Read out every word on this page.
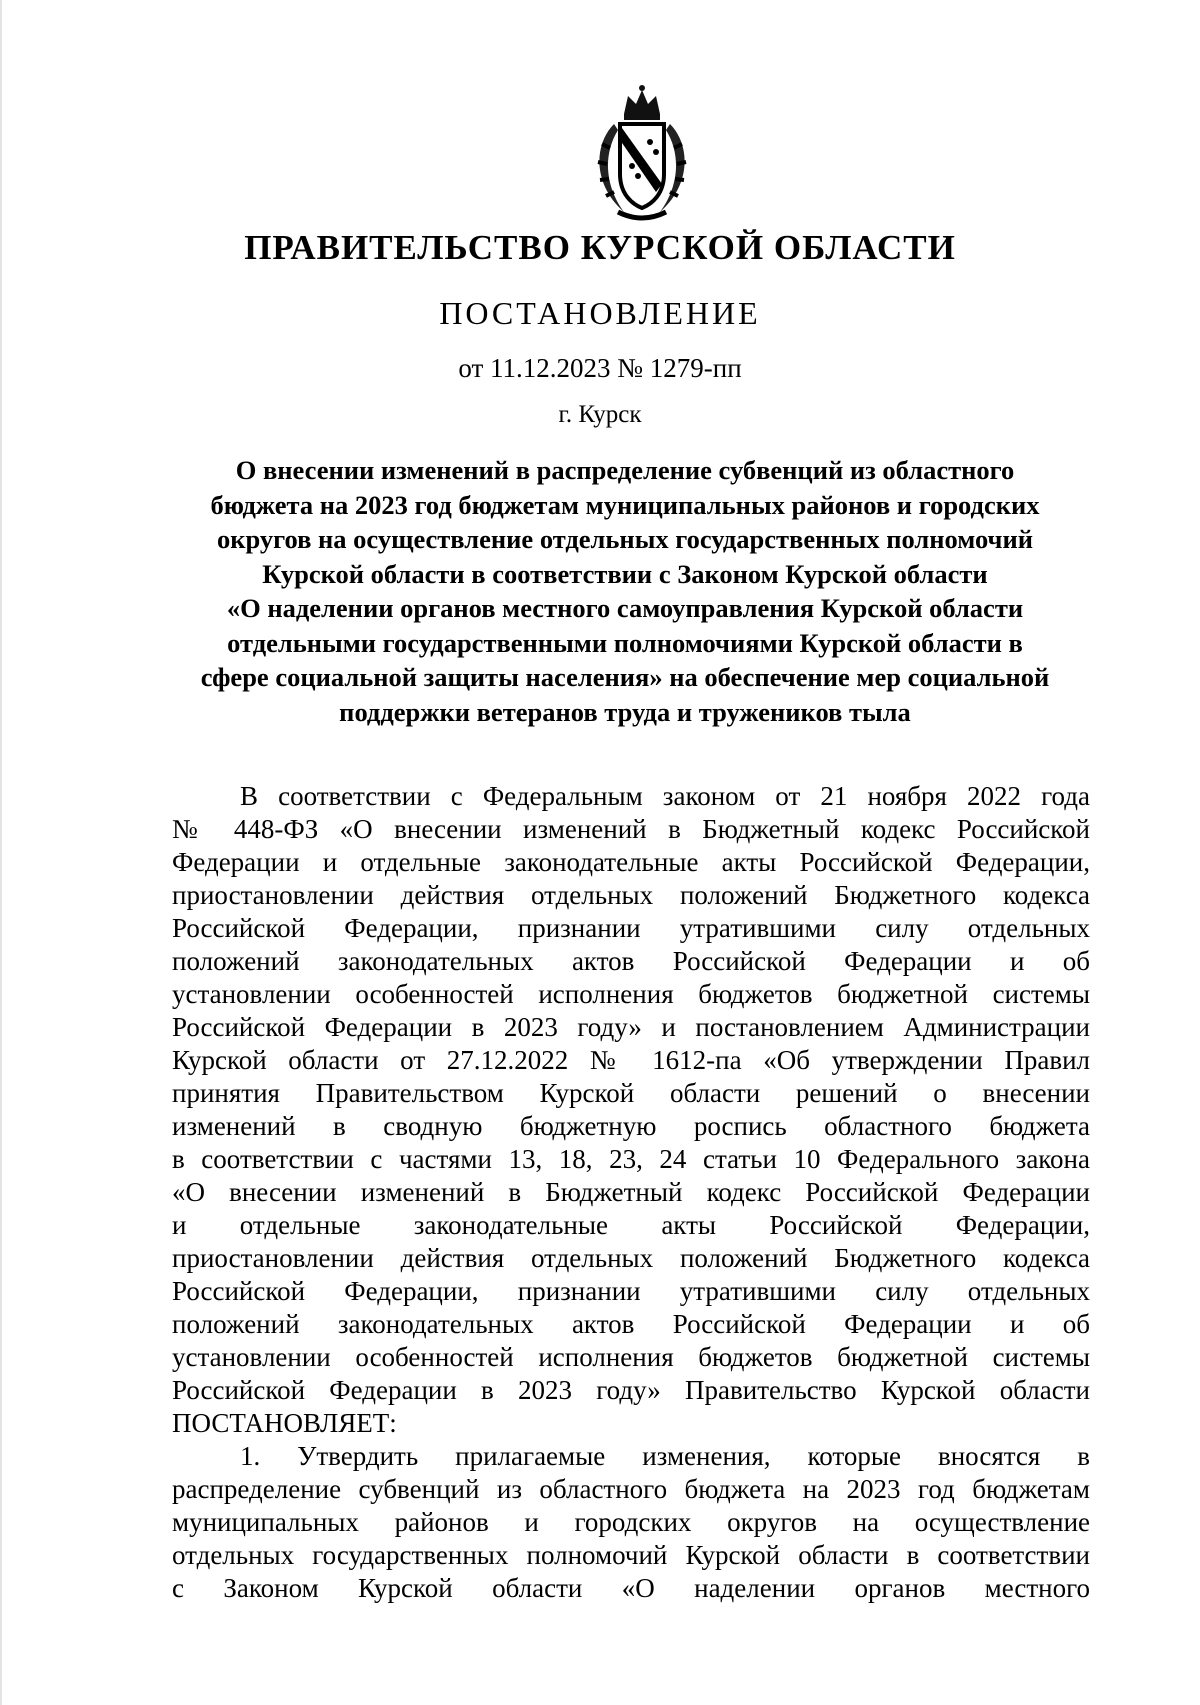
ПРАВИТЕЛЬСТВО КУРСКОЙ ОБЛАСТИ
ПОСТАНОВЛЕНИЕ
от 11.12.2023 № 1279-пп
г. Курск
О внесении изменений в распределение субвенций из областного
бюджета на 2023 год бюджетам муниципальных районов и городских
округов на осуществление отдельных государственных полномочий
Курской области в соответствии с Законом Курской области
«О наделении органов местного самоуправления Курской области
отдельными государственными полномочиями Курской области в
сфере социальной защиты населения» на обеспечение мер социальной
поддержки ветеранов труда и тружеников тыла
В соответствии с Федеральным законом от 21 ноября 2022 года
№ 448-ФЗ «О внесении изменений в Бюджетный кодекс Российской
Федерации и отдельные законодательные акты Российской Федерации,
приостановлении действия отдельных положений Бюджетного кодекса
Российской Федерации, признании утратившими силу отдельных
положений законодательных актов Российской Федерации и об
установлении особенностей исполнения бюджетов бюджетной системы
Российской Федерации в 2023 году» и постановлением Администрации
Курской области от 27.12.2022 № 1612-па «Об утверждении Правил
принятия Правительством Курской области решений о внесении
изменений в сводную бюджетную роспись областного бюджета
в соответствии с частями 13, 18, 23, 24 статьи 10 Федерального закона
«О внесении изменений в Бюджетный кодекс Российской Федерации
и отдельные законодательные акты Российской Федерации,
приостановлении действия отдельных положений Бюджетного кодекса
Российской Федерации, признании утратившими силу отдельных
положений законодательных актов Российской Федерации и об
установлении особенностей исполнения бюджетов бюджетной системы
Российской Федерации в 2023 году» Правительство Курской области
ПОСТАНОВЛЯЕТ:
1. Утвердить прилагаемые изменения, которые вносятся в
распределение субвенций из областного бюджета на 2023 год бюджетам
муниципальных районов и городских округов на осуществление
отдельных государственных полномочий Курской области в соответствии
с Законом Курской области «О наделении органов местного
